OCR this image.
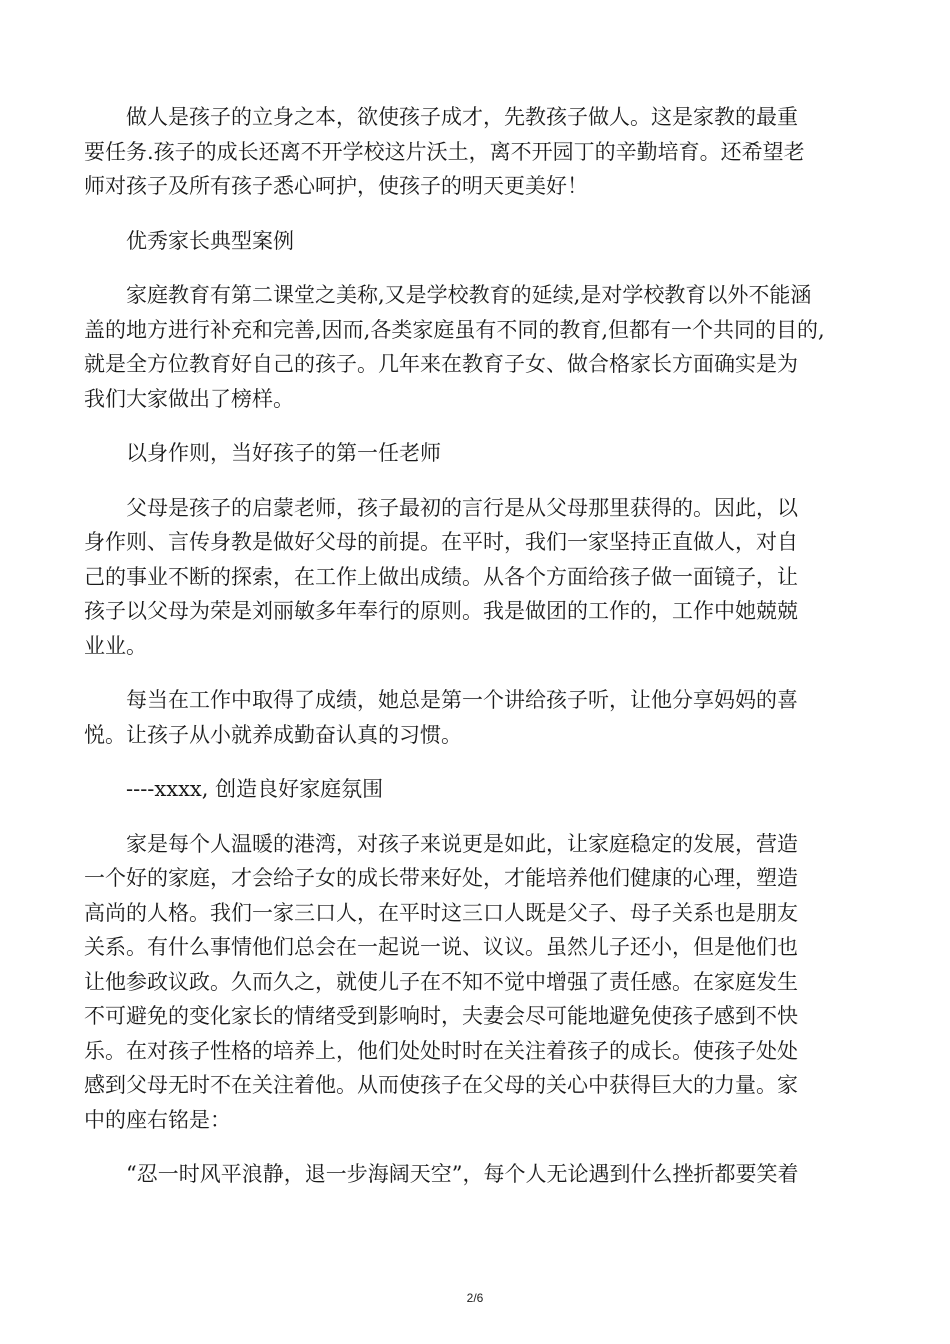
做人是孩子的立身之本，欲使孩子成才，先教孩子做人。这是家教的最重
要任务.孩子的成长还离不开学校这片沃土，离不开园丁的辛勤培育。还希望老
师对孩子及所有孩子悉心呵护，使孩子的明天更美好！

优秀家长典型案例

家庭教育有第二课堂之美称,又是学校教育的延续,是对学校教育以外不能涵
盖的地方进行补充和完善,因而,各类家庭虽有不同的教育,但都有一个共同的目的,
就是全方位教育好自己的孩子。几年来在教育子女、做合格家长方面确实是为
我们大家做出了榜样。

以身作则，当好孩子的第一任老师

父母是孩子的启蒙老师，孩子最初的言行是从父母那里获得的。因此，以
身作则、言传身教是做好父母的前提。在平时，我们一家坚持正直做人，对自
己的事业不断的探索，在工作上做出成绩。从各个方面给孩子做一面镜子，让
孩子以父母为荣是刘丽敏多年奉行的原则。我是做团的工作的，工作中她兢兢
业业。

每当在工作中取得了成绩，她总是第一个讲给孩子听，让他分享妈妈的喜
悦。让孩子从小就养成勤奋认真的习惯。

----xxxx, 创造良好家庭氛围

家是每个人温暖的港湾，对孩子来说更是如此，让家庭稳定的发展，营造
一个好的家庭，才会给子女的成长带来好处，才能培养他们健康的心理，塑造
高尚的人格。我们一家三口人，在平时这三口人既是父子、母子关系也是朋友
关系。有什么事情他们总会在一起说一说、议议。虽然儿子还小，但是他们也
让他参政议政。久而久之，就使儿子在不知不觉中增强了责任感。在家庭发生
不可避免的变化家长的情绪受到影响时，夫妻会尽可能地避免使孩子感到不快
乐。在对孩子性格的培养上，他们处处时时在关注着孩子的成长。使孩子处处
感到父母无时不在关注着他。从而使孩子在父母的关心中获得巨大的力量。家
中的座右铭是：

“忍一时风平浪静，退一步海阔天空”，每个人无论遇到什么挫折都要笑着

2/6
